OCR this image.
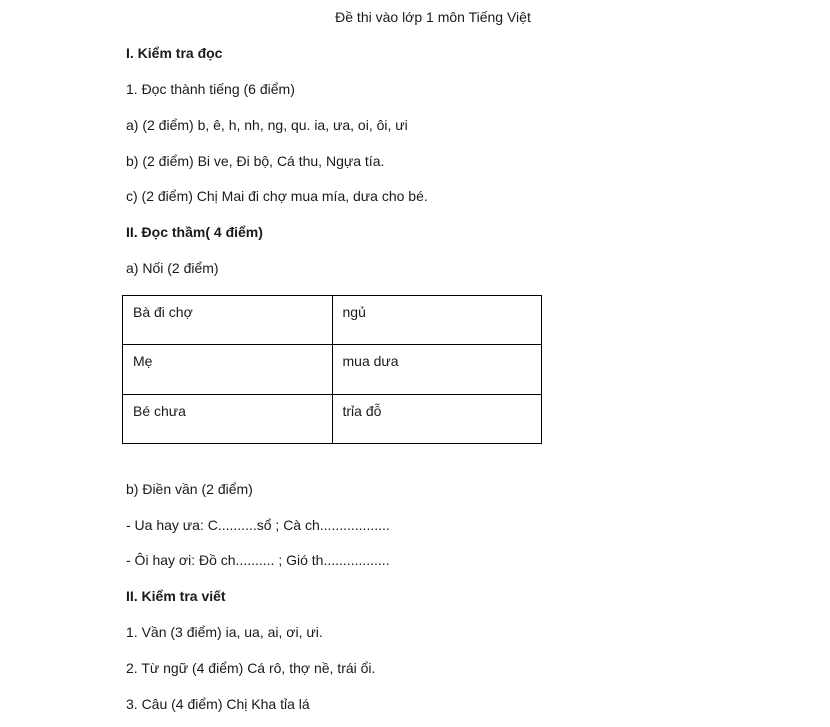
Đề thi vào lớp 1 môn Tiếng Việt
I. Kiểm tra đọc
1. Đọc thành tiếng (6 điểm)
a) (2 điểm) b, ê, h, nh, ng, qu. ia, ưa, oi, ôi, ưi
b) (2 điểm) Bi ve, Đi bộ, Cá thu, Ngựa tía.
c) (2 điểm) Chị Mai đi chợ mua mía, dưa cho bé.
II. Đọc thầm( 4 điểm)
a) Nối (2 điểm)
Bà đi chợ	ngủ
Mẹ	mua dưa
Bé chưa	trỉa đỗ
b) Điền vần (2 điểm)
- Ua hay ưa: C..........sổ ; Cà ch..................
- Ôi hay ơi: Đồ ch.......... ; Gió th.................
II. Kiểm tra viết
1. Vần (3 điểm) ia, ua, ai, ơi, ưi.
2. Từ ngữ (4 điểm) Cá rô, thợ nề, trái ổi.
3. Câu (4 điểm) Chị Kha tỉa lá
